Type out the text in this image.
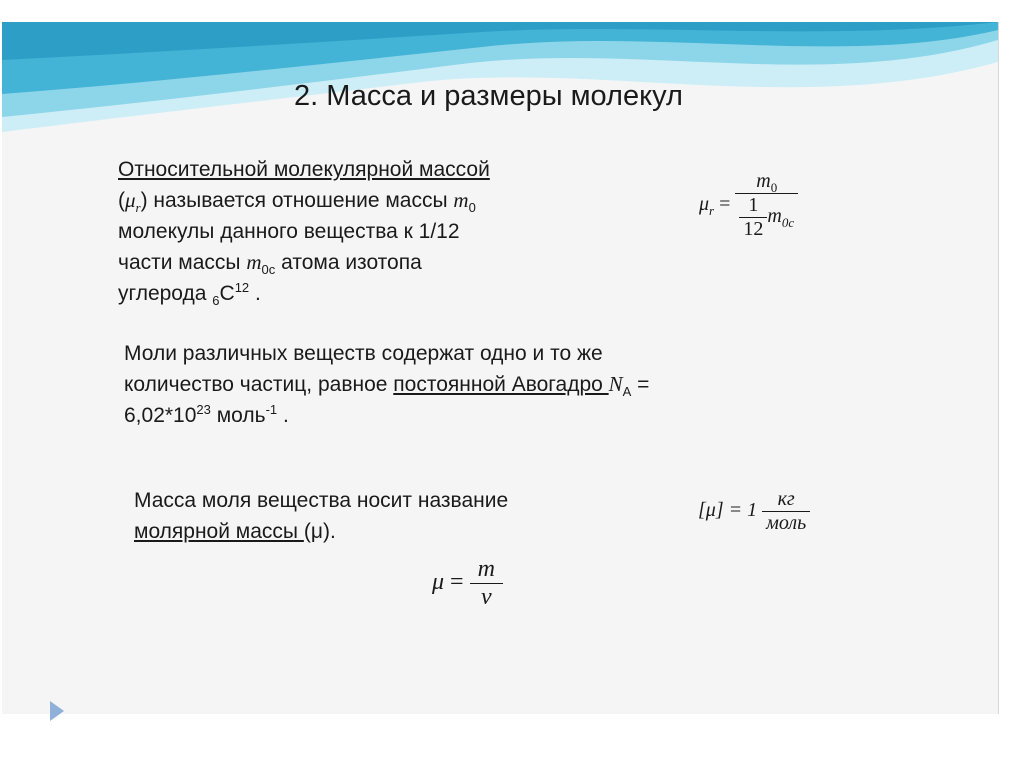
2. Масса и размеры молекул
Относительной молекулярной массой
$(\mu_r)$ называется отношение массы $m_0$
молекулы данного вещества к 1/12
части массы $m_{0c}$ атома изотопа
углерода $_6C^{12}$ .
$\mu_r = \frac{m_0}{\frac{1}{12} m_{0c}}$
Моли различных веществ содержат одно и то же
количество частиц, равное постоянной Авогадро $N_A$ =
$6,02*10^{23}$ моль$^{-1}$ .
Масса моля вещества носит название
молярной массы (μ).
$[\mu] = 1 \frac{кг}{\text{моль}}$
$\mu = \frac{m}{\nu}$
